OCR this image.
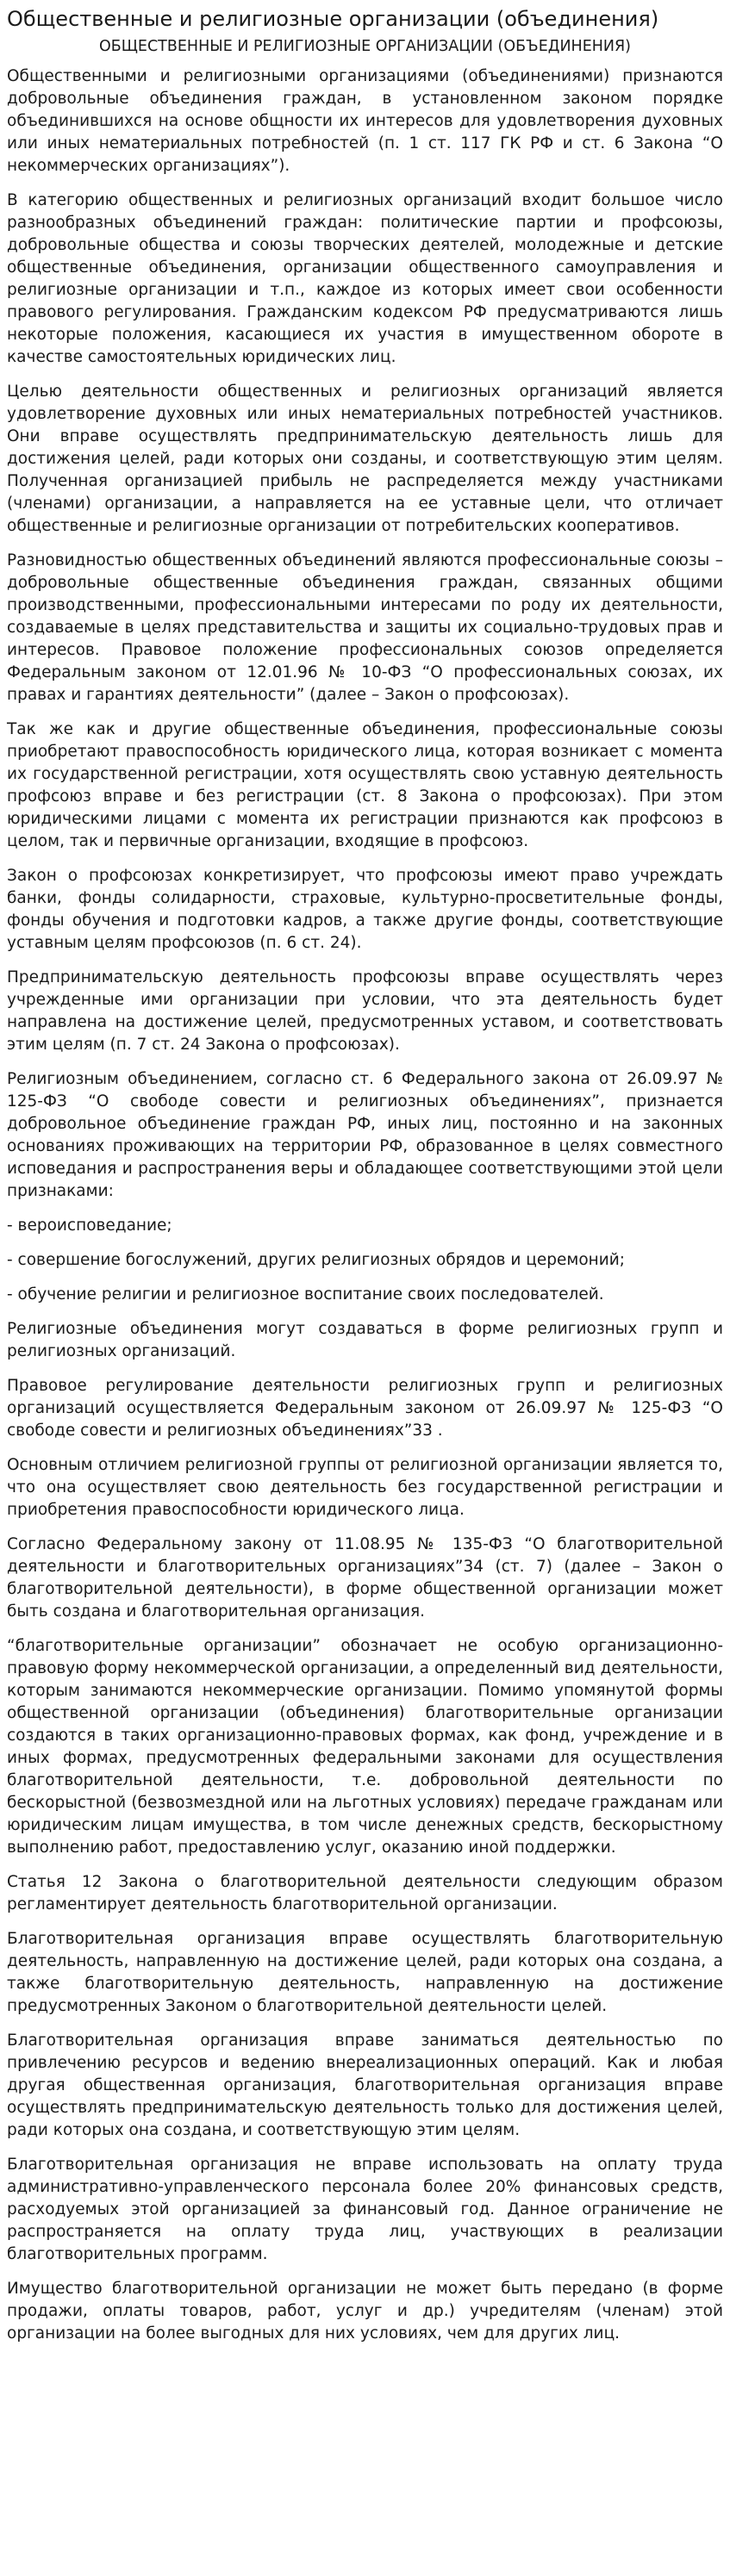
Общественные и религиозные организации (объединения)
ОБЩЕСТВЕННЫЕ И РЕЛИГИОЗНЫЕ ОРГАНИЗАЦИИ (ОБЪЕДИНЕНИЯ)

Общественными и религиозными организациями (объединениями) признаются добровольные объединения граждан, в установленном законом порядке объединившихся на основе общности их интересов для удовлетворения духовных или иных нематериальных потребностей (п. 1 ст. 117 ГК РФ и ст. 6 Закона “О некоммерческих организациях”).

В категорию общественных и религиозных организаций входит большое число разнообразных объединений граждан: политические партии и профсоюзы, добровольные общества и союзы творческих деятелей, молодежные и детские общественные объединения, организации общественного самоуправления и религиозные организации и т.п., каждое из которых имеет свои особенности правового регулирования. Гражданским кодексом РФ предусматриваются лишь некоторые положения, касающиеся их участия в имущественном обороте в качестве самостоятельных юридических лиц.

Целью деятельности общественных и религиозных организаций является удовлетворение духовных или иных нематериальных потребностей участников. Они вправе осуществлять предпринимательскую деятельность лишь для достижения целей, ради которых они созданы, и соответствующую этим целям. Полученная организацией прибыль не распределяется между участниками (членами) организации, а направляется на ее уставные цели, что отличает общественные и религиозные организации от потребительских кооперативов.

Разновидностью общественных объединений являются профессиональные союзы – добровольные общественные объединения граждан, связанных общими производственными, профессиональными интересами по роду их деятельности, создаваемые в целях представительства и защиты их социально-трудовых прав и интересов. Правовое положение профессиональных союзов определяется Федеральным законом от 12.01.96 № 10-ФЗ “О профессиональных союзах, их правах и гарантиях деятельности” (далее – Закон о профсоюзах).

Так же как и другие общественные объединения, профессиональные союзы приобретают правоспособность юридического лица, которая возникает с момента их государственной регистрации, хотя осуществлять свою уставную деятельность профсоюз вправе и без регистрации (ст. 8 Закона о профсоюзах). При этом юридическими лицами с момента их регистрации признаются как профсоюз в целом, так и первичные организации, входящие в профсоюз.

Закон о профсоюзах конкретизирует, что профсоюзы имеют право учреждать банки, фонды солидарности, страховые, культурно-просветительные фонды, фонды обучения и подготовки кадров, а также другие фонды, соответствующие уставным целям профсоюзов (п. 6 ст. 24).

Предпринимательскую деятельность профсоюзы вправе осуществлять через учрежденные ими организации при условии, что эта деятельность будет направлена на достижение целей, предусмотренных уставом, и соответствовать этим целям (п. 7 ст. 24 Закона о профсоюзах).

Религиозным объединением, согласно ст. 6 Федерального закона от 26.09.97 № 125-ФЗ “О свободе совести и религиозных объединениях”, признается добровольное объединение граждан РФ, иных лиц, постоянно и на законных основаниях проживающих на территории РФ, образованное в целях совместного исповедания и распространения веры и обладающее соответствующими этой цели признаками:

- вероисповедание;

- совершение богослужений, других религиозных обрядов и церемоний;

- обучение религии и религиозное воспитание своих последователей.

Религиозные объединения могут создаваться в форме религиозных групп и религиозных организаций.

Правовое регулирование деятельности религиозных групп и религиозных организаций осуществляется Федеральным законом от 26.09.97 № 125-ФЗ “О свободе совести и религиозных объединениях”33 .

Основным отличием религиозной группы от религиозной организации является то, что она осуществляет свою деятельность без государственной регистрации и приобретения правоспособности юридического лица.

Согласно Федеральному закону от 11.08.95 № 135-ФЗ “О благотворительной деятельности и благотворительных организациях”34 (ст. 7) (далее – Закон о благотворительной деятельности), в форме общественной организации может быть создана и благотворительная организация.

“благотворительные организации” обозначает не особую организационно-правовую форму некоммерческой организации, а определенный вид деятельности, которым занимаются некоммерческие организации. Помимо упомянутой формы общественной организации (объединения) благотворительные организации создаются в таких организационно-правовых формах, как фонд, учреждение и в иных формах, предусмотренных федеральными законами для осуществления благотворительной деятельности, т.е. добровольной деятельности по бескорыстной (безвозмездной или на льготных условиях) передаче гражданам или юридическим лицам имущества, в том числе денежных средств, бескорыстному выполнению работ, предоставлению услуг, оказанию иной поддержки.

Статья 12 Закона о благотворительной деятельности следующим образом регламентирует деятельность благотворительной организации.

Благотворительная организация вправе осуществлять благотворительную деятельность, направленную на достижение целей, ради которых она создана, а также благотворительную деятельность, направленную на достижение предусмотренных Законом о благотворительной деятельности целей.

Благотворительная организация вправе заниматься деятельностью по привлечению ресурсов и ведению внереализационных операций. Как и любая другая общественная организация, благотворительная организация вправе осуществлять предпринимательскую деятельность только для достижения целей, ради которых она создана, и соответствующую этим целям.

Благотворительная организация не вправе использовать на оплату труда административно-управленческого персонала более 20% финансовых средств, расходуемых этой организацией за финансовый год. Данное ограничение не распространяется на оплату труда лиц, участвующих в реализации благотворительных программ.

Имущество благотворительной организации не может быть передано (в форме продажи, оплаты товаров, работ, услуг и др.) учредителям (членам) этой организации на более выгодных для них условиях, чем для других лиц.
